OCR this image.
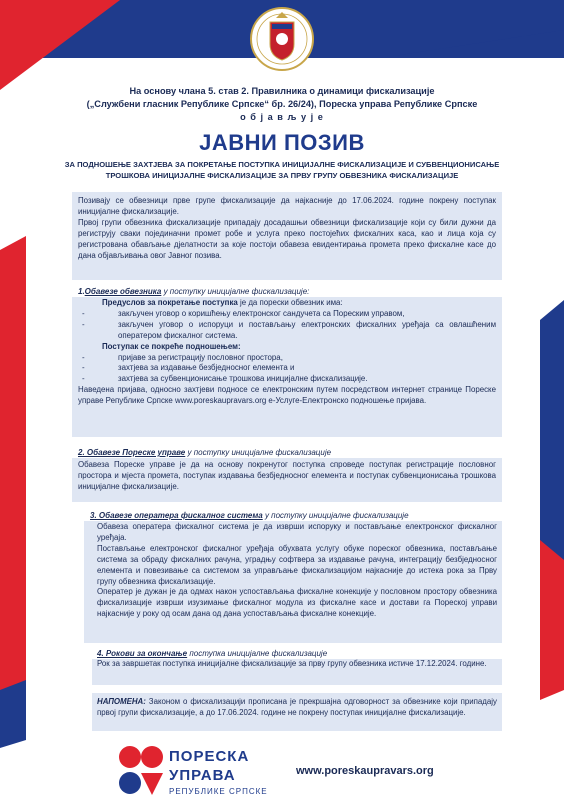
На основу члана 5. став 2. Правилника о динамици фискализације
(„Службени гласник Републике Српске“ бр. 26/24), Пореска управа Републике Српске
о б ј а в љ у ј е
ЈАВНИ ПОЗИВ
ЗА ПОДНОШЕЊЕ ЗАХТЈЕВА ЗА ПОКРЕТАЊЕ ПОСТУПКА ИНИЦИЈАЛНЕ ФИСКАЛИЗАЦИЈЕ И СУБВЕНЦИОНИСАЊЕ
ТРОШКОВА ИНИЦИЈАЛНЕ ФИСКАЛИЗАЦИЈЕ ЗА ПРВУ ГРУПУ ОБВЕЗНИКА ФИСКАЛИЗАЦИЈЕ

Позивају се обвезници прве групе фискализације да најкасније до 17.06.2024. године покрену поступак иницијалне фискализације.

Првој групи обвезника фискализације припадају досадашњи обвезници фискализације који су били дужни да региструју сваки појединачни промет робе и услуга преко постојећих фискалних каса, као и лица која су регистрована обављање дјелатности за које постоји обавеза евидентирања промета преко фискалне касе до дана објављивања овог Јавног позива.

1.Обавезе обвезника у поступку иницијалне фискализације:

Предуслов за покретање поступка је да порески обвезник има:

-	закључен уговор о коришћењу електронског сандучета са Пореским управом,
-	закључен уговор о испоруци и постављању електронских фискалних уређаја са овлашћеним оператером фискалног система.

Поступак се покреће подношењем:

-	пријаве за регистрацију пословног простора,
-	захтјева за издавање безбједносног елемента и
-	захтјева за субвенционисање трошкова иницијалне фискализације.

Наведена пријава, односно захтјеви подносе се електронским путем посредством интернет странице Пореске управе Републике Српске www.poreskaupravars.org е-Услуге-Електронско подношење пријава.

2. Обавезе Пореске управе у поступку иницијалне фискализације

Обавеза Пореске управе је да на основу покренутог поступка спроведе поступак регистрације пословног простора и мјеста промета, поступак издавања безбједносног елемента и поступак субвенционисања трошкова иницијалне фискализације.

3. Обавезе оператера фискалног система у поступку иницијалне фискализације

Обавеза оператера фискалног система је да изврши испоруку и постављање електронског фискалног уређаја.

Постављање електронског фискалног уређаја обухвата услугу обуке пореског обвезника, постављање система за обраду фискалних рачуна, уградњу софтвера за издавање рачуна, интеграцију безбједносног елемента и повезивање са системом за управљање фискализацијом најкасније до истека рока за Прву групу обвезника фискализације.

Оператер је дужан је да одмах након успостављања фискалне конекције у пословном простору обвезника фискализације изврши изузимање фискалног модула из фискалне касе и достави га Пореској управи најкасније у року од осам дана од дана успостављања фискалне конекције.

4. Рокови за окончање поступка иницијалне фискализације

Рок за завршетак поступка иницијалне фискализације за прву групу обвезника истиче 17.12.2024. године.

НАПОМЕНА: Законом о фискализацији прописана је прекршајна одговорност за обвезнике који припадају првој групи фискализације, а до 17.06.2024. године не покрену поступак иницијалне фискализације.

ПОРЕСКА
УПРАВА
РЕПУБЛИКЕ СРПСКЕ
www.poreskaupravars.org
